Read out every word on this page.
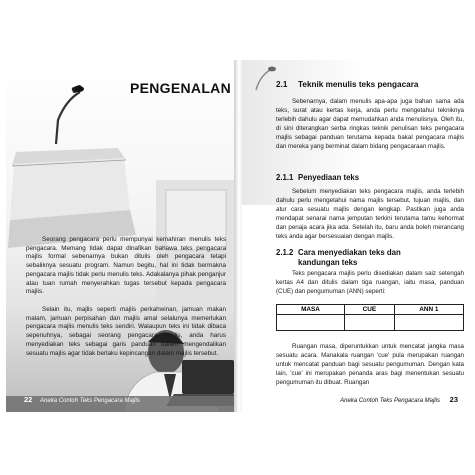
PENGENALAN

Seorang pengacara perlu mempunyai kemahiran menulis teks pengacara. Memang tidak dapat dinafikan bahawa teks pengacara majlis formal sebenarnya bukan ditulis oleh pengacara tetapi sebaliknya sesuatu program. Namun begitu, hal ini tidak bermakna pengacara majlis tidak perlu menulis teks. Adakalanya pihak penganjur atau tuan rumah menyerahkan tugas tersebut kepada pengacara majlis.

Selain itu, majlis seperti majlis perkahwinan, jamuan makan malam, jamuan perpisahan dan majlis amal selalunya memerlukan pengacara majlis menulis teks sendiri. Walaupun teks ini tidak dibaca sepenuhnya, sebagai seorang pengacara majlis, anda harus menyediakan teks sebagai garis panduan dalam mengendalikan sesuatu majlis agar tidak berlaku kepincangan dalam majlis tersebut.

22 Aneka Contoh Teks Pengacara Majlis
2.1 Teknik menulis teks pengacara

Sebenarnya, dalam menulis apa-apa juga bahan sama ada teks, surat atau kertas kerja, anda perlu mengetahui tekniknya terlebih dahulu agar dapat memudahkan anda menulisnya. Oleh itu, di sini diterangkan serba ringkas teknik penulisan teks pengacara majlis sebagai panduan terutama kepada bakal pengacara majlis dan mereka yang berminat dalam bidang pengacaraan majlis.

2.1.1 Penyediaan teks

Sebelum menyediakan teks pengacara majlis, anda terlebih dahulu perlu mengetahui nama majlis tersebut, tujuan majlis, dan atur cara sesuatu majlis dengan lengkap. Pastikan juga anda mendapat senarai nama jemputan terkini terutama tamu kehormat dan penaja acara jika ada. Setelah itu, baru anda boleh merancang teks anda agar bersesuaian dengan majlis.

2.1.2 Cara menyediakan teks dan
kandungan teks

Teks pengacara majlis perlu disediakan dalam saiz setengah kertas A4 dan ditulis dalam tiga ruangan, iaitu masa, panduan (CUE) dan pengumuman (ANN) seperti:

MASA	CUE	ANN 1

Ruangan masa, diperuntukkan untuk mencatat jangka masa sesuatu acara. Manakala ruangan 'cue' pula merupakan ruangan untuk mencatat panduan bagi sesuatu pengumuman. Dengan kata lain, 'cue' ini merupakan penanda aras bagi menentukan sesuatu pengumuman itu dibuat. Ruangan

Aneka Contoh Teks Pengacara Majlis 23
